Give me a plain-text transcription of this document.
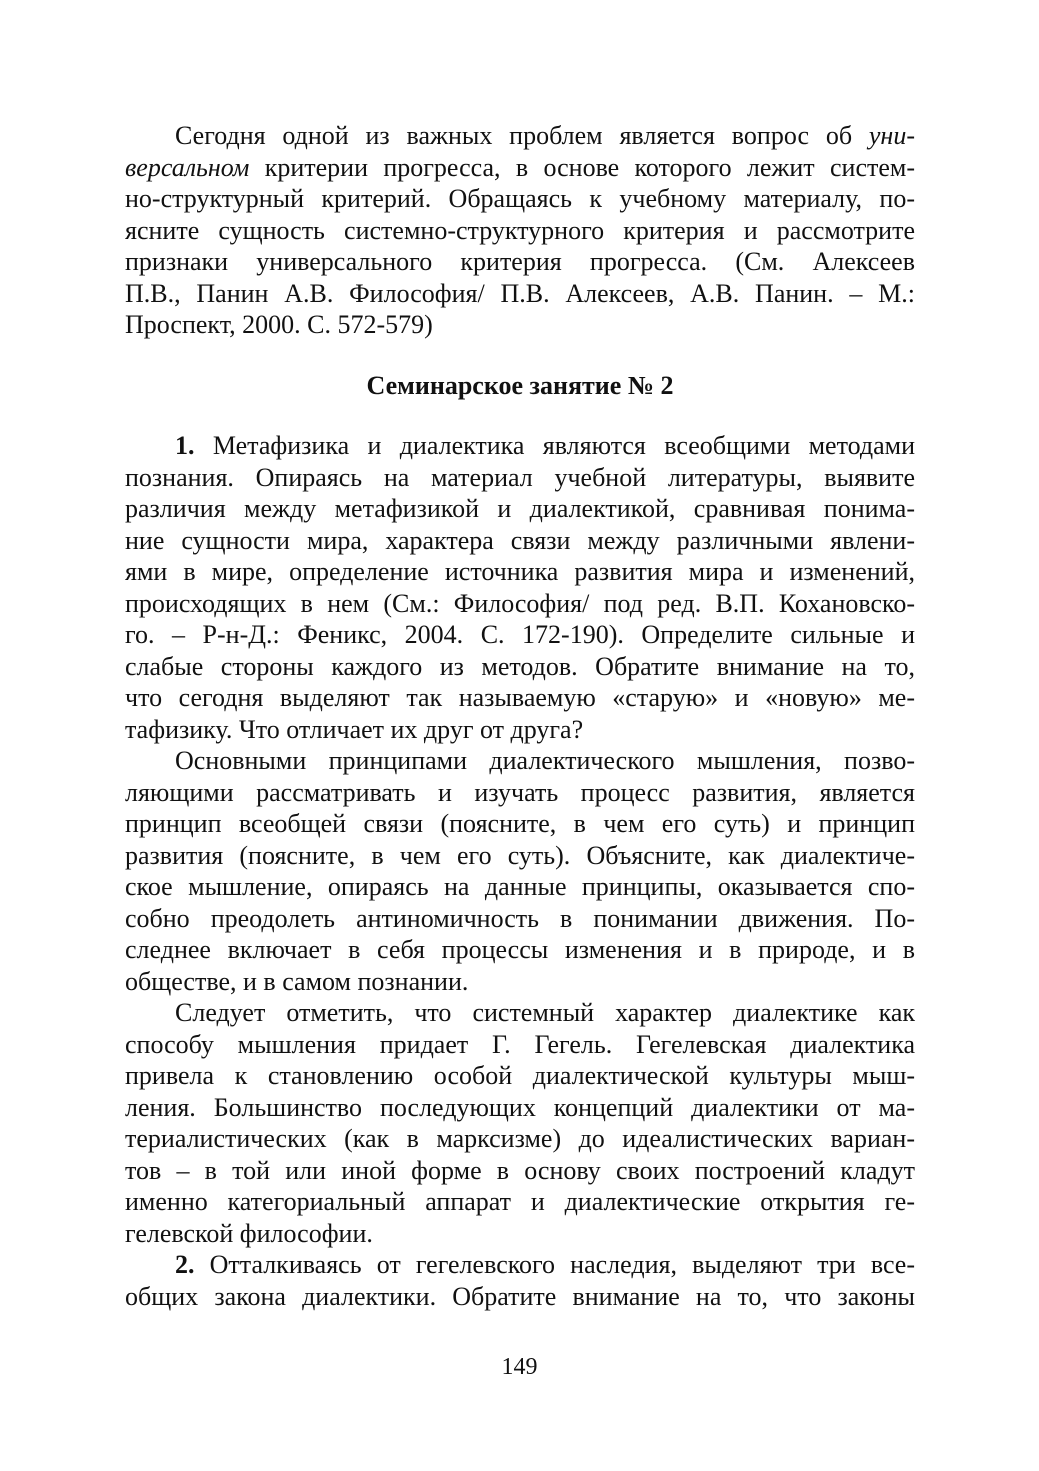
Сегодня одной из важных проблем является вопрос об уни-
версальном критерии прогресса, в основе которого лежит систем-
но-структурный критерий. Обращаясь к учебному материалу, по-
ясните сущность системно-структурного критерия и рассмотрите
признаки универсального критерия прогресса. (См. Алексеев
П.В., Панин А.В. Философия/ П.В. Алексеев, А.В. Панин. – М.:
Проспект, 2000. С. 572-579)
Семинарское занятие № 2
1. Метафизика и диалектика являются всеобщими методами
познания. Опираясь на материал учебной литературы, выявите
различия между метафизикой и диалектикой, сравнивая понима-
ние сущности мира, характера связи между различными явлени-
ями в мире, определение источника развития мира и изменений,
происходящих в нем (См.: Философия/ под ред. В.П. Кохановско-
го. – Р-н-Д.: Феникс, 2004. С. 172-190). Определите сильные и
слабые стороны каждого из методов. Обратите внимание на то,
что сегодня выделяют так называемую «старую» и «новую» ме-
тафизику. Что отличает их друг от друга?
Основными принципами диалектического мышления, позво-
ляющими рассматривать и изучать процесс развития, является
принцип всеобщей связи (поясните, в чем его суть) и принцип
развития (поясните, в чем его суть). Объясните, как диалектиче-
ское мышление, опираясь на данные принципы, оказывается спо-
собно преодолеть антиномичность в понимании движения. По-
следнее включает в себя процессы изменения и в природе, и в
обществе, и в самом познании.
Следует отметить, что системный характер диалектике как
способу мышления придает Г. Гегель. Гегелевская диалектика
привела к становлению особой диалектической культуры мыш-
ления. Большинство последующих концепций диалектики от ма-
териалистических (как в марксизме) до идеалистических вариан-
тов – в той или иной форме в основу своих построений кладут
именно категориальный аппарат и диалектические открытия ге-
гелевской философии.
2. Отталкиваясь от гегелевского наследия, выделяют три все-
общих закона диалектики. Обратите внимание на то, что законы
149
